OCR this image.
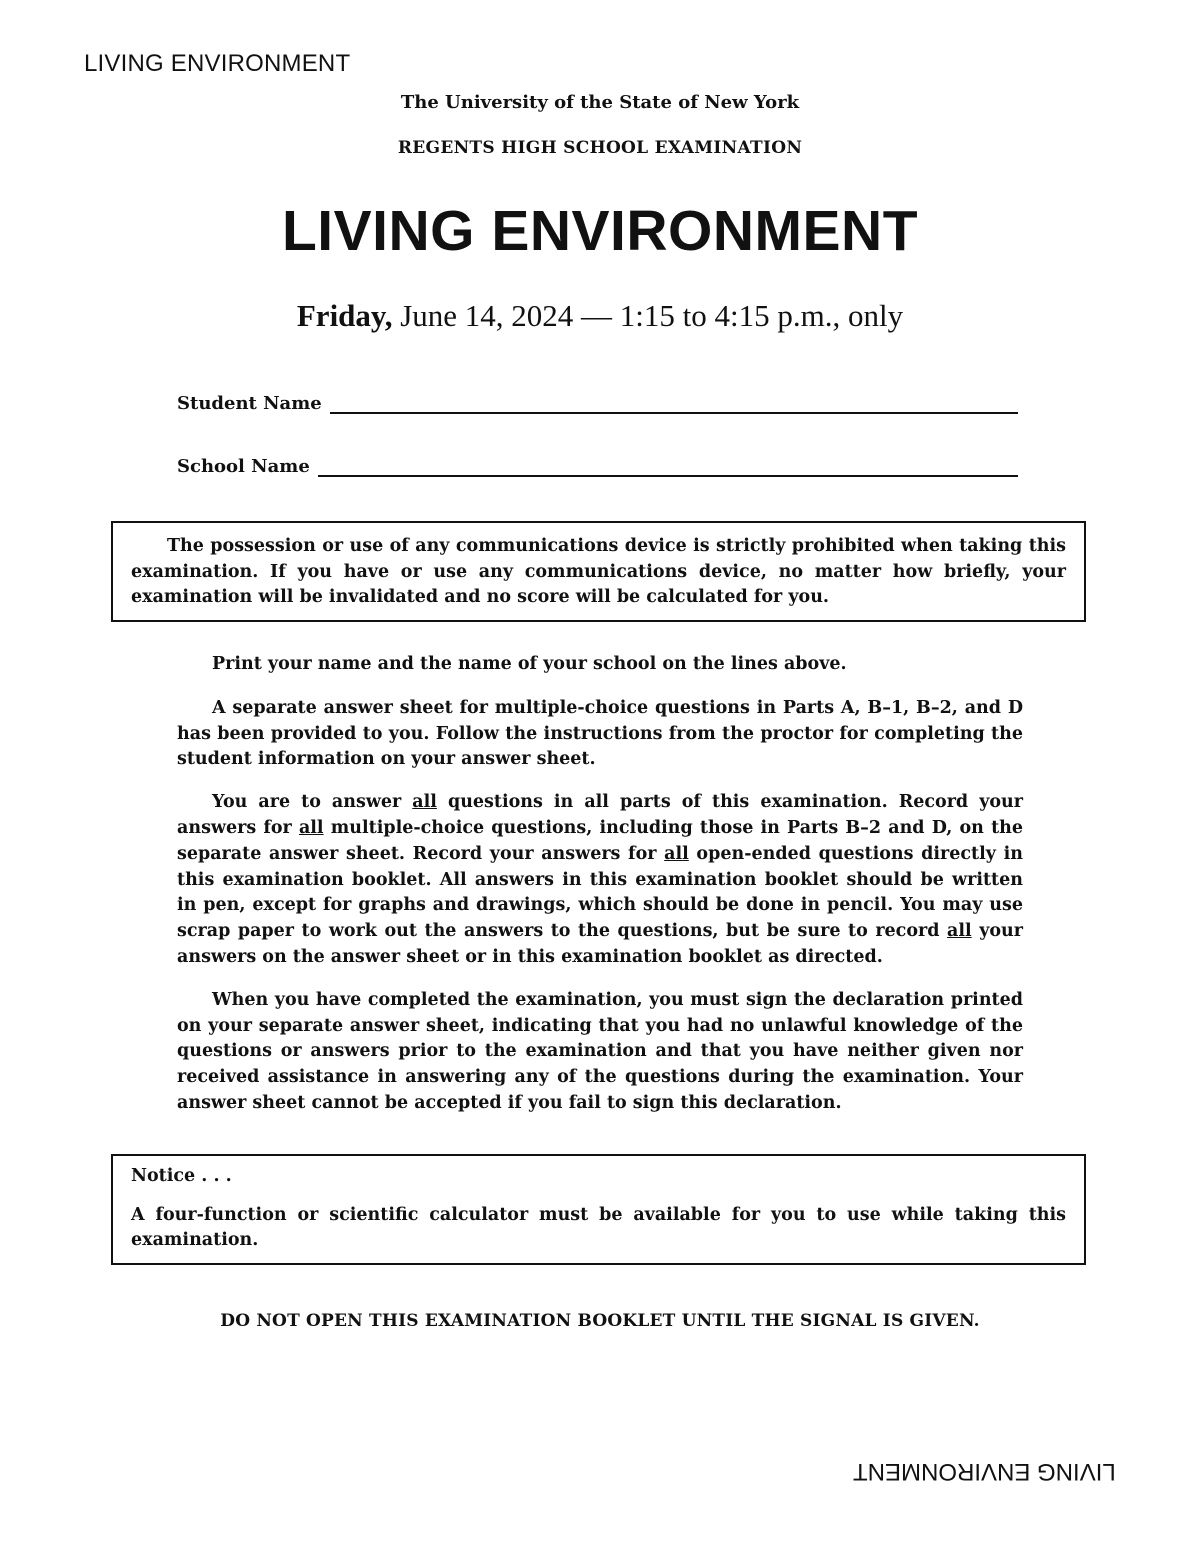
LIVING ENVIRONMENT
The University of the State of New York
REGENTS HIGH SCHOOL EXAMINATION
LIVING ENVIRONMENT
Friday, June 14, 2024 — 1:15 to 4:15 p.m., only
Student Name
School Name
The possession or use of any communications device is strictly prohibited when taking this examination. If you have or use any communications device, no matter how briefly, your examination will be invalidated and no score will be calculated for you.

Print your name and the name of your school on the lines above.

A separate answer sheet for multiple-choice questions in Parts A, B–1, B–2, and D has been provided to you. Follow the instructions from the proctor for completing the student information on your answer sheet.

You are to answer all questions in all parts of this examination. Record your answers for all multiple-choice questions, including those in Parts B–2 and D, on the separate answer sheet. Record your answers for all open-ended questions directly in this examination booklet. All answers in this examination booklet should be written in pen, except for graphs and drawings, which should be done in pencil. You may use scrap paper to work out the answers to the questions, but be sure to record all your answers on the answer sheet or in this examination booklet as directed.

When you have completed the examination, you must sign the declaration printed on your separate answer sheet, indicating that you had no unlawful knowledge of the questions or answers prior to the examination and that you have neither given nor received assistance in answering any of the questions during the examination. Your answer sheet cannot be accepted if you fail to sign this declaration.

Notice . . .

A four-function or scientific calculator must be available for you to use while taking this examination.

DO NOT OPEN THIS EXAMINATION BOOKLET UNTIL THE SIGNAL IS GIVEN.
LIVING ENVIRONMENT
